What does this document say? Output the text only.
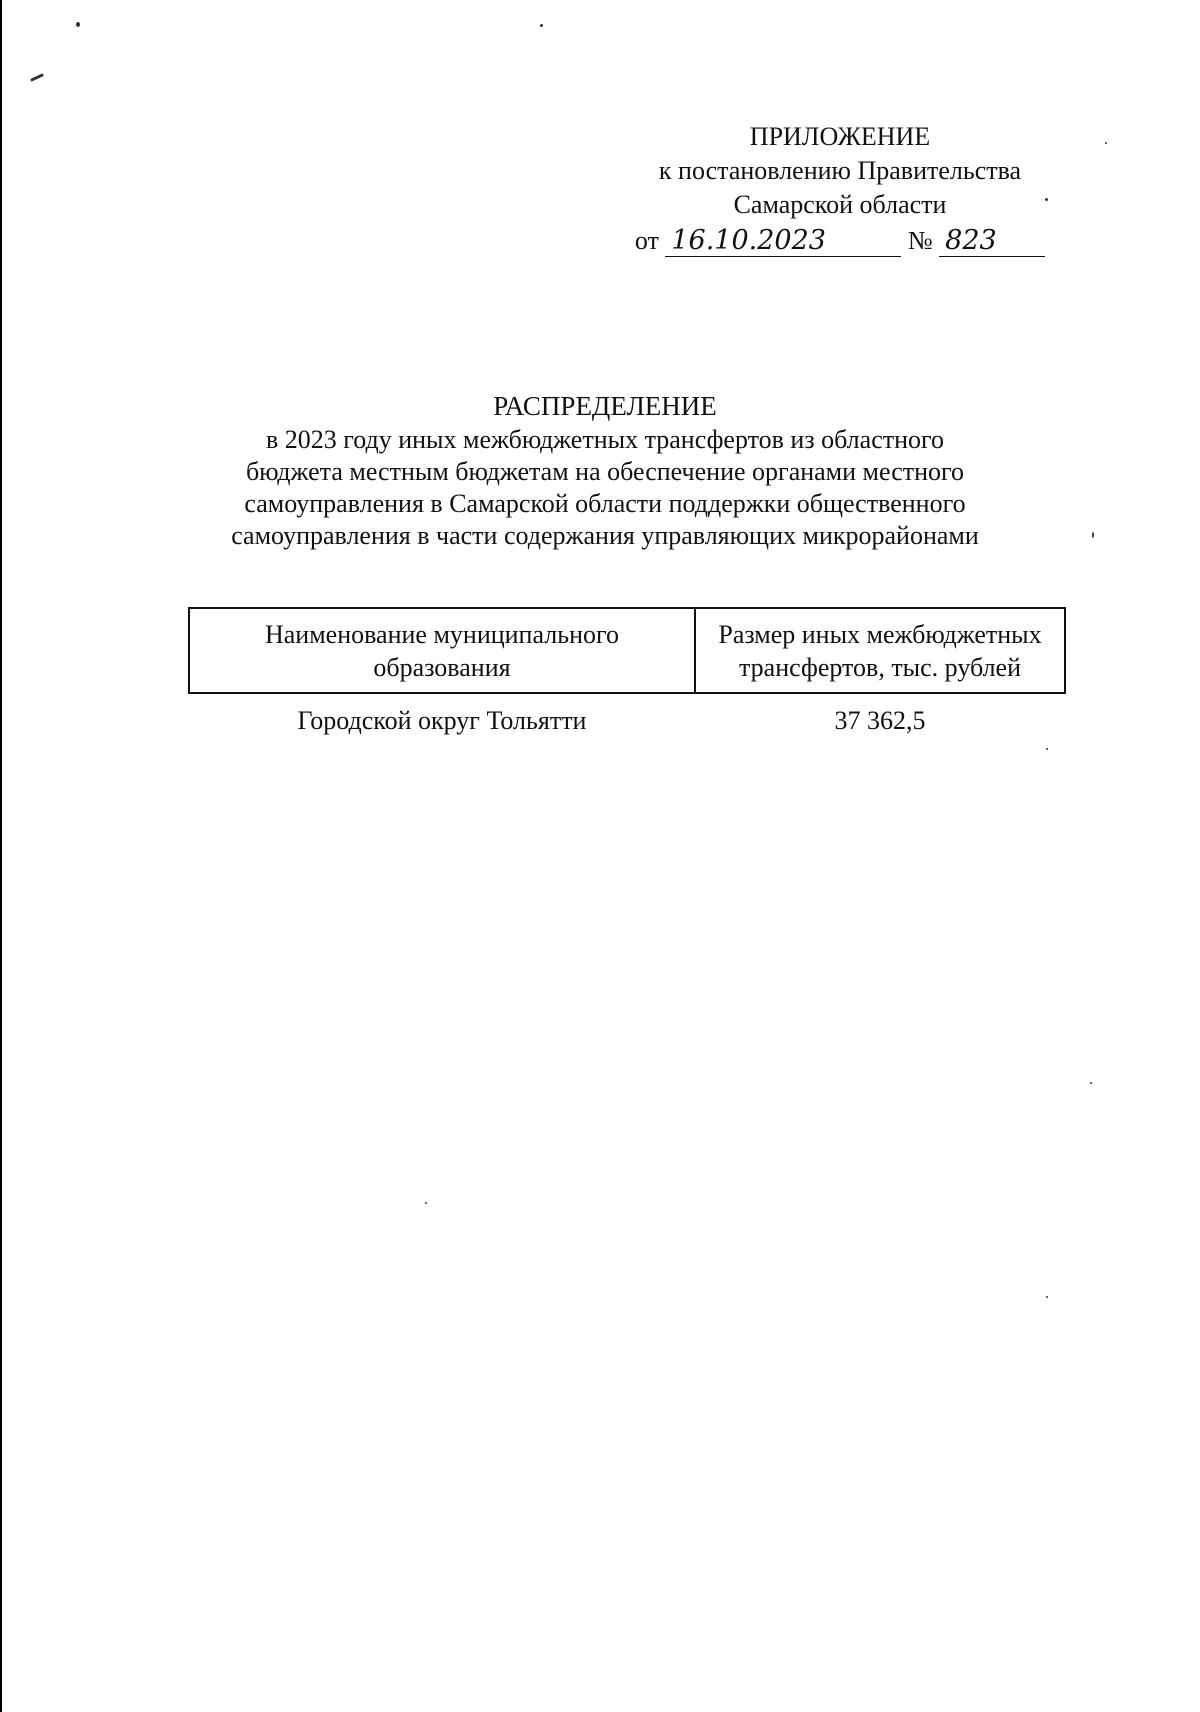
ПРИЛОЖЕНИЕ
к постановлению Правительства
Самарской области
от 16.10.2023	№ 823
РАСПРЕДЕЛЕНИЕ
в 2023 году иных межбюджетных трансфертов из областного
бюджета местным бюджетам на обеспечение органами местного
самоуправления в Самарской области поддержки общественного
самоуправления в части содержания управляющих микрорайонами
Наименование муниципального образования	Размер иных межбюджетных трансфертов, тыс. рублей
Городской округ Тольятти	37 362,5
